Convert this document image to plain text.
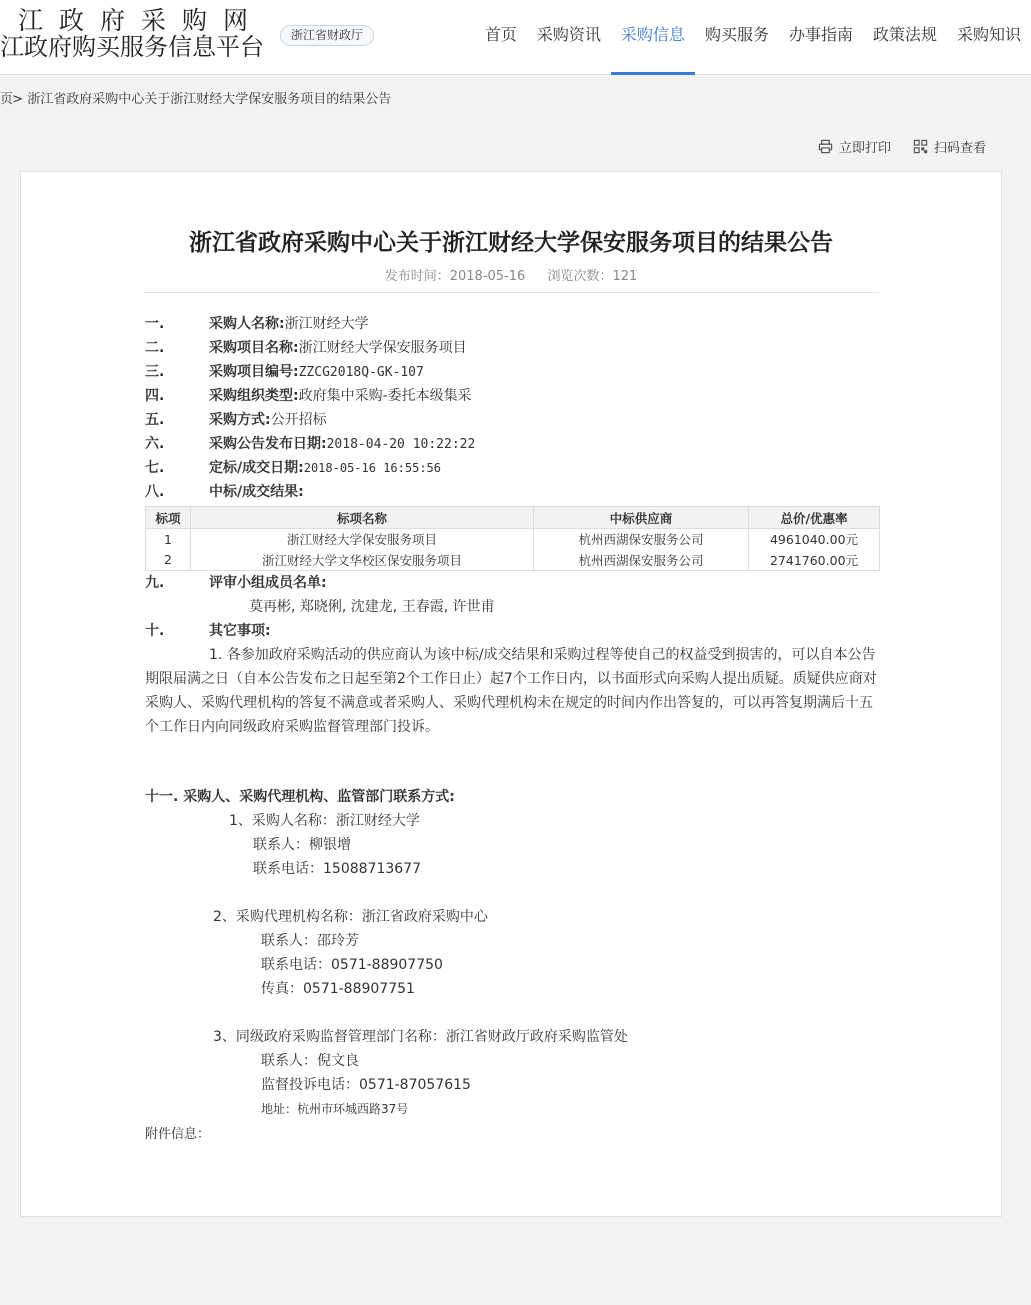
江政府采购网
江政府购买服务信息平台	浙江省财政厅	首页	采购资讯	采购信息	购买服务	办事指南	政策法规	采购知识
页 > 浙江省政府采购中心关于浙江财经大学保安服务项目的结果公告
立即打印	扫码查看
浙江省政府采购中心关于浙江财经大学保安服务项目的结果公告
发布时间：2018-05-16 浏览次数：121
一.	采购人名称:浙江财经大学
二.	采购项目名称:浙江财经大学保安服务项目
三.	采购项目编号:ZZCG2018Q-GK-107
四.	采购组织类型:政府集中采购-委托本级集采
五.	采购方式:公开招标
六.	采购公告发布日期:2018-04-20 10:22:22
七.	定标/成交日期:2018-05-16 16:55:56
八.	中标/成交结果:
标项	标项名称	中标供应商	总价/优惠率
1	浙江财经大学保安服务项目	杭州西湖保安服务公司	4961040.00元
2	浙江财经大学文华校区保安服务项目	杭州西湖保安服务公司	2741760.00元
九.	评审小组成员名单:
莫再彬, 郑晓俐, 沈建龙, 王春霞, 许世甫
十.	其它事项:
1. 各参加政府采购活动的供应商认为该中标/成交结果和采购过程等使自己的权益受到损害的，可以自本公告期限届满之日（自本公告发布之日起至第2个工作日止）起7个工作日内，以书面形式向采购人提出质疑。质疑供应商对采购人、采购代理机构的答复不满意或者采购人、采购代理机构未在规定的时间内作出答复的，可以再答复期满后十五个工作日内向同级政府采购监督管理部门投诉。
十一. 采购人、采购代理机构、监管部门联系方式:
1、采购人名称：浙江财经大学
联系人：柳银增
联系电话：15088713677
2、采购代理机构名称：浙江省政府采购中心
联系人：邵玲芳
联系电话：0571-88907750
传真：0571-88907751
3、同级政府采购监督管理部门名称：浙江省财政厅政府采购监管处
联系人：倪文良
监督投诉电话：0571-87057615
地址：杭州市环城西路37号
附件信息：
